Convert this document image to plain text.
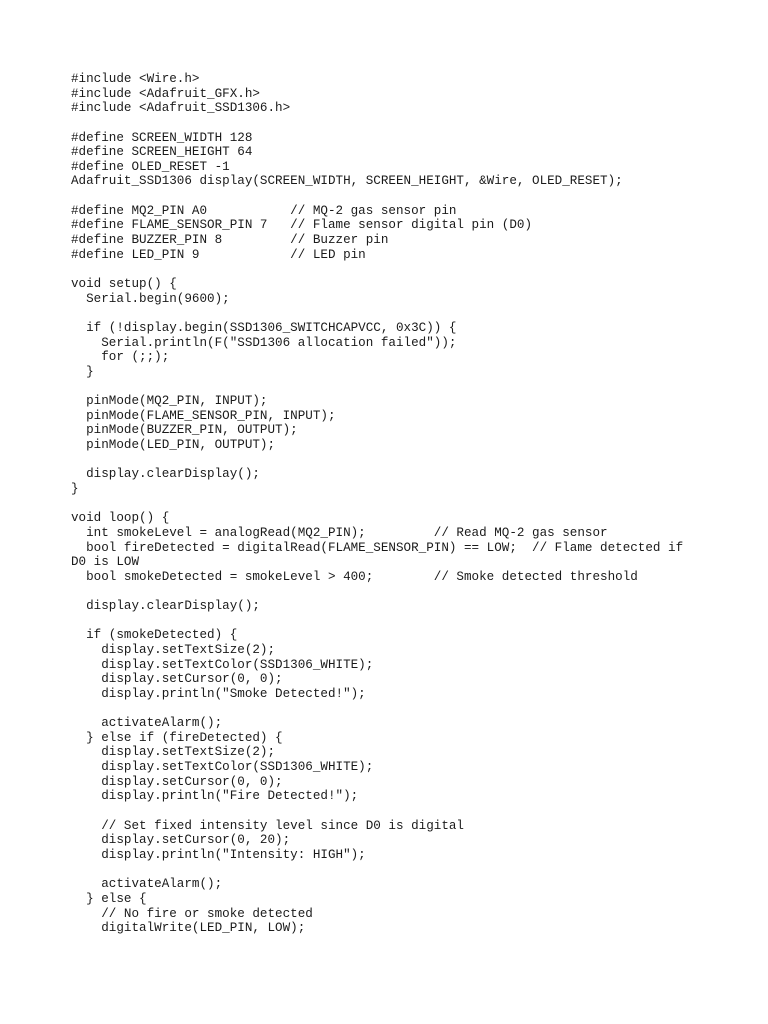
#include <Wire.h>
#include <Adafruit_GFX.h>
#include <Adafruit_SSD1306.h>
#define SCREEN_WIDTH 128
#define SCREEN_HEIGHT 64
#define OLED_RESET -1
Adafruit_SSD1306 display(SCREEN_WIDTH, SCREEN_HEIGHT, &Wire, OLED_RESET);
#define MQ2_PIN A0           // MQ-2 gas sensor pin
#define FLAME_SENSOR_PIN 7   // Flame sensor digital pin (D0)
#define BUZZER_PIN 8         // Buzzer pin
#define LED_PIN 9            // LED pin
void setup() {
Serial.begin(9600);
if (!display.begin(SSD1306_SWITCHCAPVCC, 0x3C)) {
Serial.println(F("SSD1306 allocation failed"));
for (;;);
}
pinMode(MQ2_PIN, INPUT);
pinMode(FLAME_SENSOR_PIN, INPUT);
pinMode(BUZZER_PIN, OUTPUT);
pinMode(LED_PIN, OUTPUT);
display.clearDisplay();
}
void loop() {
int smokeLevel = analogRead(MQ2_PIN);         // Read MQ-2 gas sensor
bool fireDetected = digitalRead(FLAME_SENSOR_PIN) == LOW;  // Flame detected if
D0 is LOW
bool smokeDetected = smokeLevel > 400;        // Smoke detected threshold
display.clearDisplay();
if (smokeDetected) {
display.setTextSize(2);
display.setTextColor(SSD1306_WHITE);
display.setCursor(0, 0);
display.println("Smoke Detected!");
activateAlarm();
} else if (fireDetected) {
display.setTextSize(2);
display.setTextColor(SSD1306_WHITE);
display.setCursor(0, 0);
display.println("Fire Detected!");
// Set fixed intensity level since D0 is digital
display.setCursor(0, 20);
display.println("Intensity: HIGH");
activateAlarm();
} else {
// No fire or smoke detected
digitalWrite(LED_PIN, LOW);
